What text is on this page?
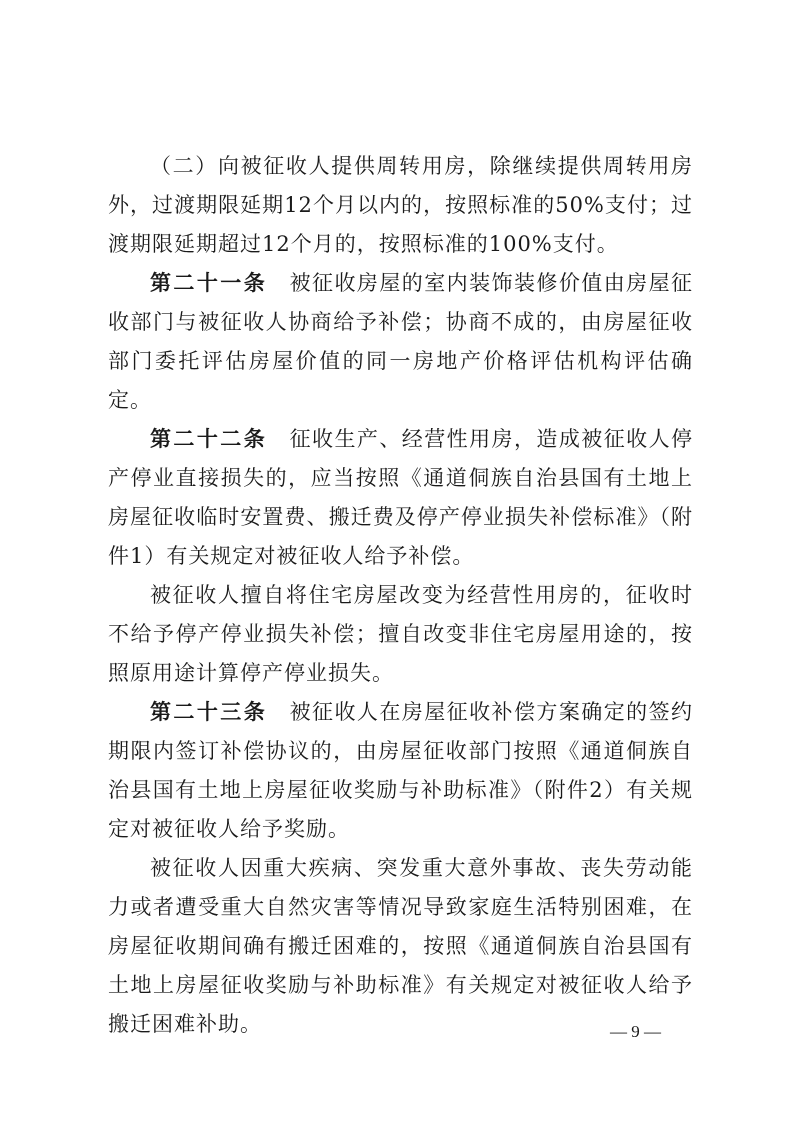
（二）向被征收人提供周转用房，除继续提供周转用房外，过渡期限延期12个月以内的，按照标准的50%支付；过渡期限延期超过12个月的，按照标准的100%支付。

第二十一条　被征收房屋的室内装饰装修价值由房屋征收部门与被征收人协商给予补偿；协商不成的，由房屋征收部门委托评估房屋价值的同一房地产价格评估机构评估确定。

第二十二条　征收生产、经营性用房，造成被征收人停产停业直接损失的，应当按照《通道侗族自治县国有土地上房屋征收临时安置费、搬迁费及停产停业损失补偿标准》（附件1）有关规定对被征收人给予补偿。

被征收人擅自将住宅房屋改变为经营性用房的，征收时不给予停产停业损失补偿；擅自改变非住宅房屋用途的，按照原用途计算停产停业损失。

第二十三条　被征收人在房屋征收补偿方案确定的签约期限内签订补偿协议的，由房屋征收部门按照《通道侗族自治县国有土地上房屋征收奖励与补助标准》（附件2）有关规定对被征收人给予奖励。

被征收人因重大疾病、突发重大意外事故、丧失劳动能力或者遭受重大自然灾害等情况导致家庭生活特别困难，在房屋征收期间确有搬迁困难的，按照《通道侗族自治县国有土地上房屋征收奖励与补助标准》有关规定对被征收人给予搬迁困难补助。	— 9 —
